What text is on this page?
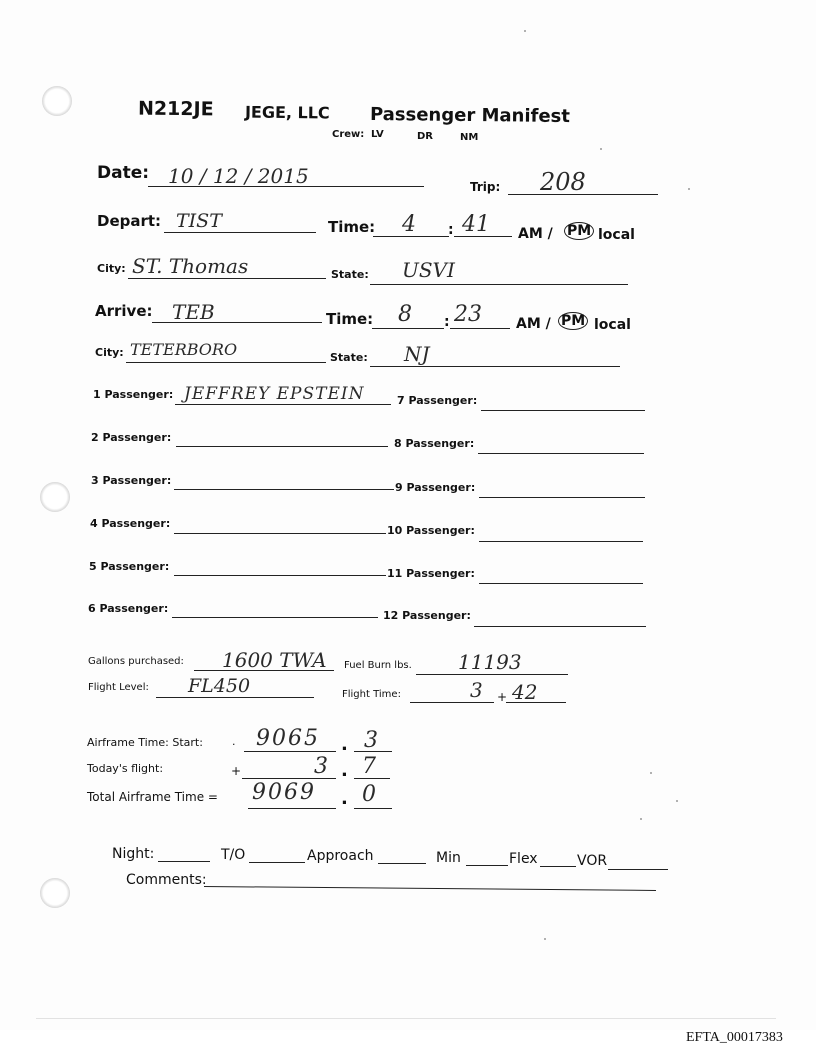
N212JE JEGE, LLC Passenger Manifest
Crew: LV	DR	NM
Date: 10 / 12 / 2015	Trip: 208
Depart: TIST	Time: 4 : 41 AM / PM local
City: ST. Thomas	State: USVI
Arrive: TEB	Time: 8 : 23 AM / PM local
City: TETERBORO	State: NJ
1 Passenger: JEFFREY EPSTEIN
2 Passenger:
3 Passenger:
4 Passenger:
5 Passenger:
6 Passenger:
7 Passenger:
8 Passenger:
9 Passenger:
10 Passenger:
11 Passenger:
12 Passenger:
Gallons purchased: 1600 TWA Fuel Burn lbs. 11193
Flight Level: FL450	Flight Time:	3 + 42
Airframe Time: Start:	· 9065 . 3
Today's flight:	+	3 . 7
Total Airframe Time = 9069 . 0
Night:	T/O	Approach	Min	Flex	VOR
Comments:
EFTA_00017383
